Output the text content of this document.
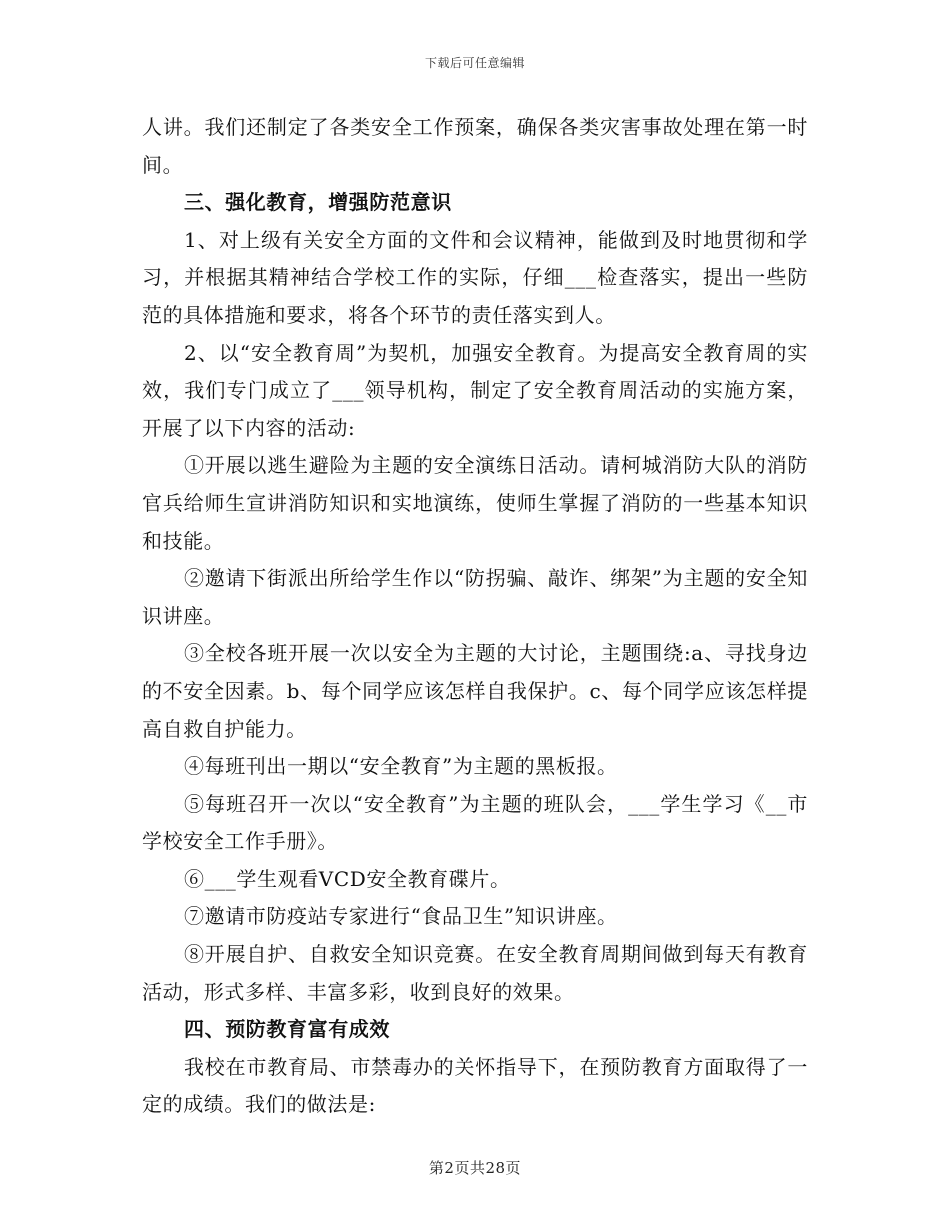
下载后可任意编辑

人讲。我们还制定了各类安全工作预案，确保各类灾害事故处理在第一时间。

三、强化教育，增强防范意识

1、对上级有关安全方面的文件和会议精神，能做到及时地贯彻和学习，并根据其精神结合学校工作的实际，仔细___检查落实，提出一些防范的具体措施和要求，将各个环节的责任落实到人。

2、以“安全教育周”为契机，加强安全教育。为提高安全教育周的实效，我们专门成立了___领导机构，制定了安全教育周活动的实施方案，开展了以下内容的活动:

①开展以逃生避险为主题的安全演练日活动。请柯城消防大队的消防官兵给师生宣讲消防知识和实地演练，使师生掌握了消防的一些基本知识和技能。

②邀请下街派出所给学生作以“防拐骗、敲诈、绑架”为主题的安全知识讲座。

③全校各班开展一次以安全为主题的大讨论，主题围绕:a、寻找身边的不安全因素。b、每个同学应该怎样自我保护。c、每个同学应该怎样提高自救自护能力。

④每班刊出一期以“安全教育”为主题的黑板报。

⑤每班召开一次以“安全教育”为主题的班队会，___学生学习《__市学校安全工作手册》。

⑥___学生观看VCD安全教育碟片。

⑦邀请市防疫站专家进行“食品卫生”知识讲座。

⑧开展自护、自救安全知识竞赛。在安全教育周期间做到每天有教育活动，形式多样、丰富多彩，收到良好的效果。

四、预防教育富有成效

我校在市教育局、市禁毒办的关怀指导下，在预防教育方面取得了一定的成绩。我们的做法是:

第2页共28页
